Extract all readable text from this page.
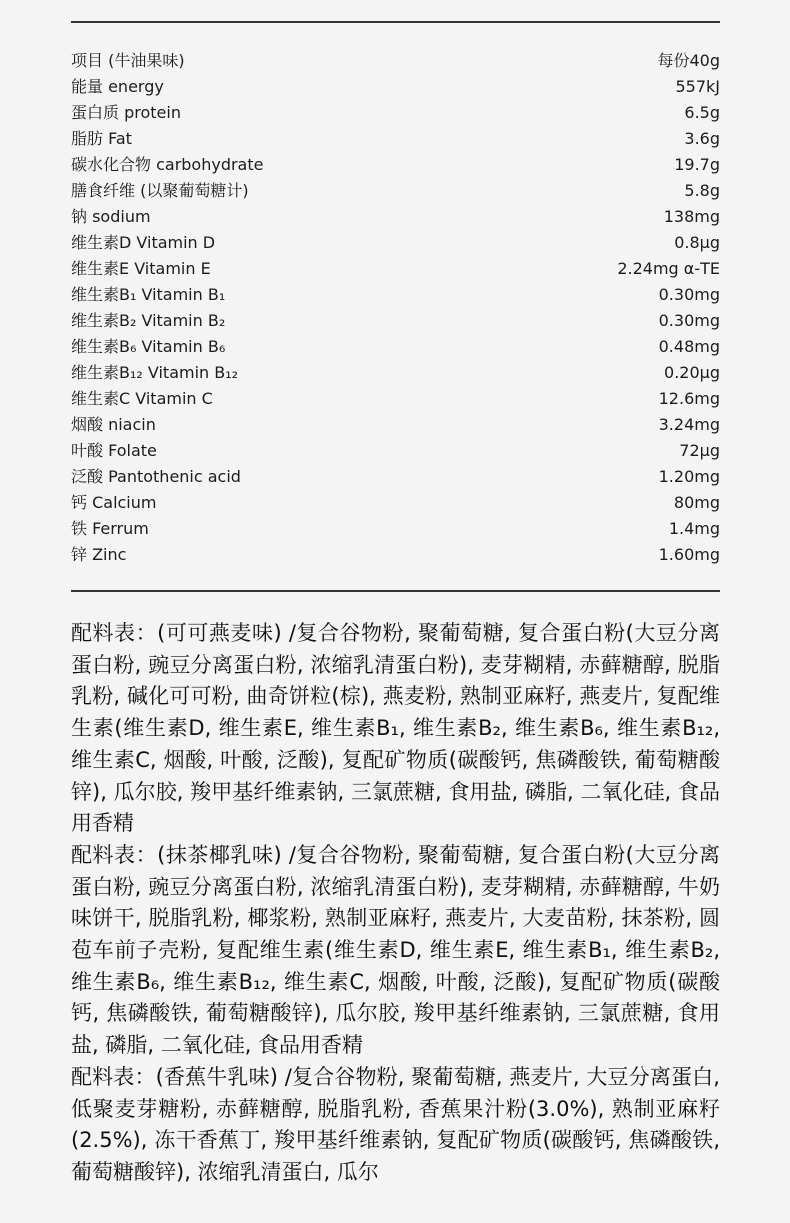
项目 (牛油果味)	每份40g
能量 energy	557kJ
蛋白质 protein	6.5g
脂肪 Fat	3.6g
碳水化合物 carbohydrate	19.7g
膳食纤维 (以聚葡萄糖计)	5.8g
钠 sodium	138mg
维生素D Vitamin D	0.8μg
维生素E Vitamin E	2.24mg α-TE
维生素B₁ Vitamin B₁	0.30mg
维生素B₂ Vitamin B₂	0.30mg
维生素B₆ Vitamin B₆	0.48mg
维生素B₁₂ Vitamin B₁₂	0.20μg
维生素C Vitamin C	12.6mg
烟酸 niacin	3.24mg
叶酸 Folate	72μg
泛酸 Pantothenic acid	1.20mg
钙 Calcium	80mg
铁 Ferrum	1.4mg
锌 Zinc	1.60mg

配料表：(可可燕麦味) /复合谷物粉, 聚葡萄糖, 复合蛋白粉(大豆分离蛋白粉, 豌豆分离蛋白粉, 浓缩乳清蛋白粉), 麦芽糊精, 赤藓糖醇, 脱脂乳粉, 碱化可可粉, 曲奇饼粒(棕), 燕麦粉, 熟制亚麻籽, 燕麦片, 复配维生素(维生素D, 维生素E, 维生素B₁, 维生素B₂, 维生素B₆, 维生素B₁₂, 维生素C, 烟酸, 叶酸, 泛酸), 复配矿物质(碳酸钙, 焦磷酸铁, 葡萄糖酸锌), 瓜尔胶, 羧甲基纤维素钠, 三氯蔗糖, 食用盐, 磷脂, 二氧化硅, 食品用香精

配料表：(抹茶椰乳味) /复合谷物粉, 聚葡萄糖, 复合蛋白粉(大豆分离蛋白粉, 豌豆分离蛋白粉, 浓缩乳清蛋白粉), 麦芽糊精, 赤藓糖醇, 牛奶味饼干, 脱脂乳粉, 椰浆粉, 熟制亚麻籽, 燕麦片, 大麦苗粉, 抹茶粉, 圆苞车前子壳粉, 复配维生素(维生素D, 维生素E, 维生素B₁, 维生素B₂, 维生素B₆, 维生素B₁₂, 维生素C, 烟酸, 叶酸, 泛酸), 复配矿物质(碳酸钙, 焦磷酸铁, 葡萄糖酸锌), 瓜尔胶, 羧甲基纤维素钠, 三氯蔗糖, 食用盐, 磷脂, 二氧化硅, 食品用香精

配料表：(香蕉牛乳味) /复合谷物粉, 聚葡萄糖, 燕麦片, 大豆分离蛋白, 低聚麦芽糖粉, 赤藓糖醇, 脱脂乳粉, 香蕉果汁粉(3.0%), 熟制亚麻籽(2.5%), 冻干香蕉丁, 羧甲基纤维素钠, 复配矿物质(碳酸钙, 焦磷酸铁, 葡萄糖酸锌), 浓缩乳清蛋白, 瓜尔
